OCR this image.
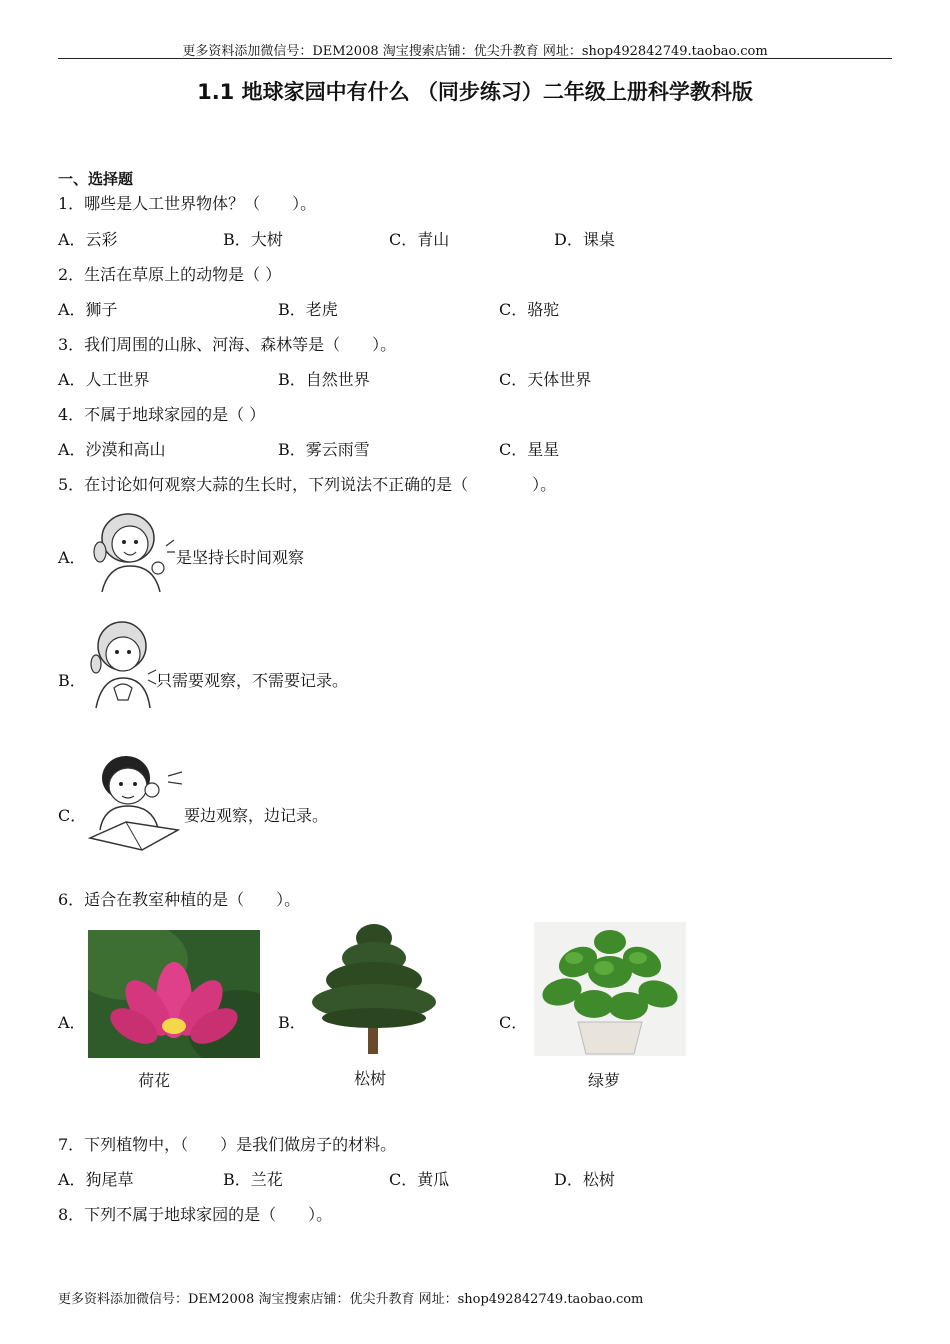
更多资料添加微信号：DEM2008 淘宝搜索店铺：优尖升教育 网址：shop492842749.taobao.com
1.1 地球家园中有什么 （同步练习）二年级上册科学教科版
一、选择题
1．哪些是人工世界物体？（　　）。
A．云彩	B．大树	C．青山	D．课桌
2．生活在草原上的动物是（ ）
A．狮子	B．老虎	C．骆驼
3．我们周围的山脉、河海、森林等是（　　）。
A．人工世界	B．自然世界	C．天体世界
4．不属于地球家园的是（ ）
A．沙漠和高山	B．雾云雨雪	C．星星
5．在讨论如何观察大蒜的生长时，下列说法不正确的是（　　　　）。
A．	是坚持长时间观察
B．	只需要观察，不需要记录。
C．	要边观察，边记录。
6．适合在教室种植的是（　　）。
A．
荷花
B．
松树
C．
绿萝
7．下列植物中，（　　）是我们做房子的材料。
A．狗尾草	B．兰花	C．黄瓜	D．松树
8．下列不属于地球家园的是（　　）。
更多资料添加微信号：DEM2008 淘宝搜索店铺：优尖升教育 网址：shop492842749.taobao.com
